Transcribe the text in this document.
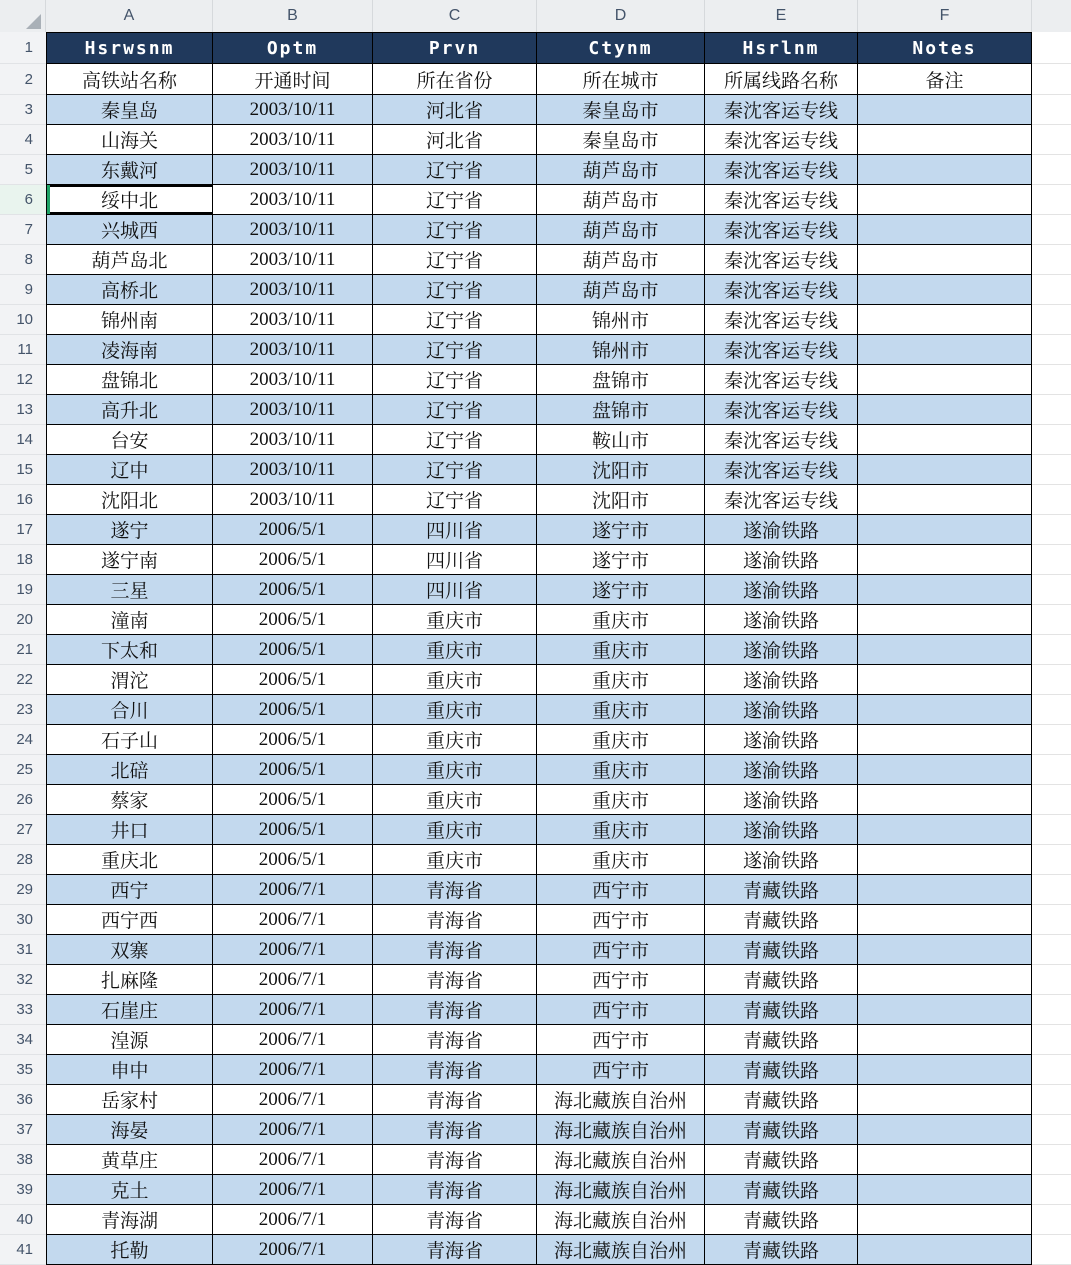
A	B	C	D	E	F
1	Hsrwsnm	Optm	Prvn	Ctynm	Hsrlnm	Notes
2	高铁站名称	开通时间	所在省份	所在城市	所属线路名称	备注
3	秦皇岛	2003/10/11	河北省	秦皇岛市	秦沈客运专线
4	山海关	2003/10/11	河北省	秦皇岛市	秦沈客运专线
5	东戴河	2003/10/11	辽宁省	葫芦岛市	秦沈客运专线
6	绥中北	2003/10/11	辽宁省	葫芦岛市	秦沈客运专线
7	兴城西	2003/10/11	辽宁省	葫芦岛市	秦沈客运专线
8	葫芦岛北	2003/10/11	辽宁省	葫芦岛市	秦沈客运专线
9	高桥北	2003/10/11	辽宁省	葫芦岛市	秦沈客运专线
10	锦州南	2003/10/11	辽宁省	锦州市	秦沈客运专线
11	凌海南	2003/10/11	辽宁省	锦州市	秦沈客运专线
12	盘锦北	2003/10/11	辽宁省	盘锦市	秦沈客运专线
13	高升北	2003/10/11	辽宁省	盘锦市	秦沈客运专线
14	台安	2003/10/11	辽宁省	鞍山市	秦沈客运专线
15	辽中	2003/10/11	辽宁省	沈阳市	秦沈客运专线
16	沈阳北	2003/10/11	辽宁省	沈阳市	秦沈客运专线
17	遂宁	2006/5/1	四川省	遂宁市	遂渝铁路
18	遂宁南	2006/5/1	四川省	遂宁市	遂渝铁路
19	三星	2006/5/1	四川省	遂宁市	遂渝铁路
20	潼南	2006/5/1	重庆市	重庆市	遂渝铁路
21	下太和	2006/5/1	重庆市	重庆市	遂渝铁路
22	渭沱	2006/5/1	重庆市	重庆市	遂渝铁路
23	合川	2006/5/1	重庆市	重庆市	遂渝铁路
24	石子山	2006/5/1	重庆市	重庆市	遂渝铁路
25	北碚	2006/5/1	重庆市	重庆市	遂渝铁路
26	蔡家	2006/5/1	重庆市	重庆市	遂渝铁路
27	井口	2006/5/1	重庆市	重庆市	遂渝铁路
28	重庆北	2006/5/1	重庆市	重庆市	遂渝铁路
29	西宁	2006/7/1	青海省	西宁市	青藏铁路
30	西宁西	2006/7/1	青海省	西宁市	青藏铁路
31	双寨	2006/7/1	青海省	西宁市	青藏铁路
32	扎麻隆	2006/7/1	青海省	西宁市	青藏铁路
33	石崖庄	2006/7/1	青海省	西宁市	青藏铁路
34	湟源	2006/7/1	青海省	西宁市	青藏铁路
35	申中	2006/7/1	青海省	西宁市	青藏铁路
36	岳家村	2006/7/1	青海省	海北藏族自治州	青藏铁路
37	海晏	2006/7/1	青海省	海北藏族自治州	青藏铁路
38	黄草庄	2006/7/1	青海省	海北藏族自治州	青藏铁路
39	克土	2006/7/1	青海省	海北藏族自治州	青藏铁路
40	青海湖	2006/7/1	青海省	海北藏族自治州	青藏铁路
41	托勒	2006/7/1	青海省	海北藏族自治州	青藏铁路
